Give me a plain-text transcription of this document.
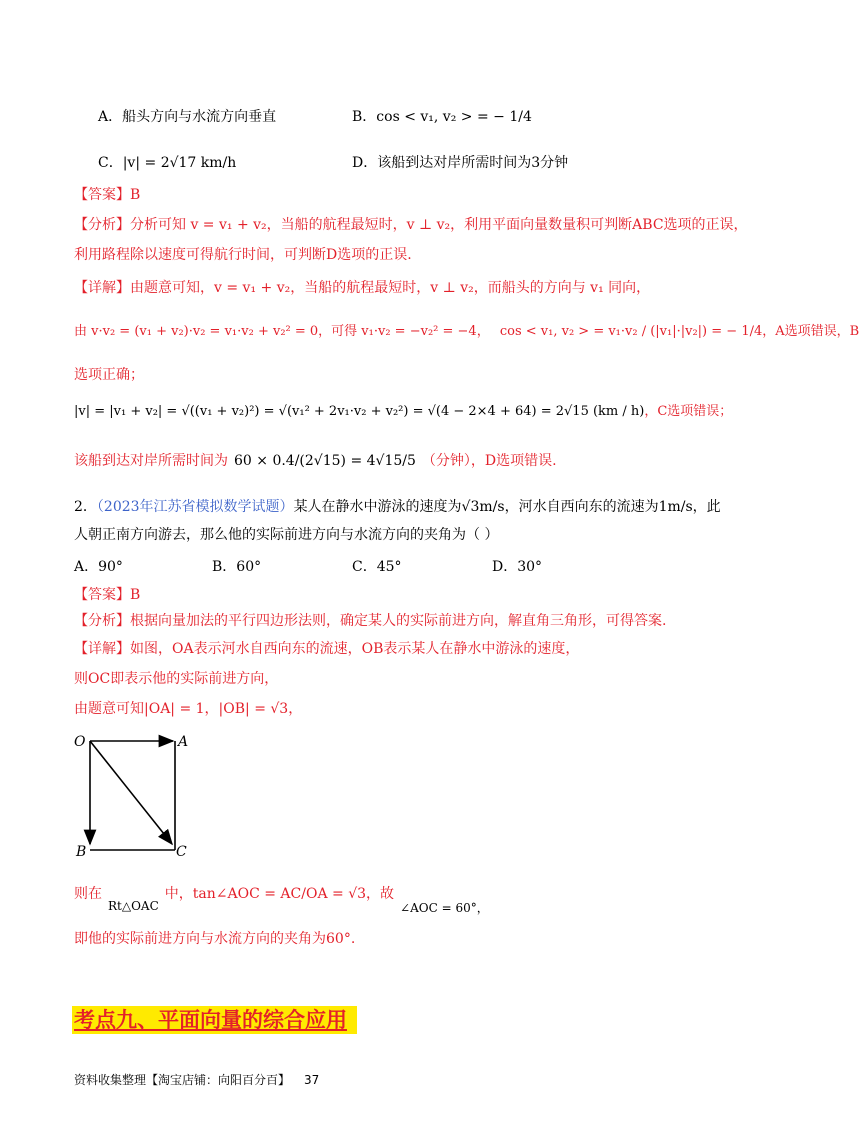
A．船头方向与水流方向垂直	B．cos < v₁, v₂ > = − 1/4
C．|v| = 2√17 km/h	D．该船到达对岸所需时间为3分钟
【答案】B
【分析】分析可知 v = v₁ + v₂，当船的航程最短时，v ⊥ v₂，利用平面向量数量积可判断ABC选项的正误，
利用路程除以速度可得航行时间，可判断D选项的正误.
【详解】由题意可知，v = v₁ + v₂，当船的航程最短时，v ⊥ v₂，而船头的方向与 v₁ 同向，
由 v·v₂ = (v₁ + v₂)·v₂ = v₁·v₂ + v₂² = 0，可得 v₁·v₂ = −v₂² = −4， cos < v₁, v₂ > = v₁·v₂ / (|v₁|·|v₂|) = − 1/4，A选项错误，B
选项正确；
|v| = |v₁ + v₂| = √((v₁ + v₂)²) = √(v₁² + 2v₁·v₂ + v₂²) = √(4 − 2×4 + 64) = 2√15 (km / h)，C选项错误；
该船到达对岸所需时间为 60 × 0.4/(2√15) = 4√15/5 （分钟），D选项错误.
2．（2023年江苏省模拟数学试题）某人在静水中游泳的速度为√3m/s，河水自西向东的流速为1m/s，此
人朝正南方向游去，那么他的实际前进方向与水流方向的夹角为（ ）
A．90°	B．60°	C．45°	D．30°
【答案】B
【分析】根据向量加法的平行四边形法则，确定某人的实际前进方向，解直角三角形，可得答案.
【详解】如图，OA表示河水自西向东的流速，OB表示某人在静水中游泳的速度，
则OC即表示他的实际前进方向，
由题意可知|OA| = 1，|OB| = √3，
O	A
B	C
则在Rt△OAC中，tan∠AOC = AC/OA = √3，故∠AOC = 60°，
即他的实际前进方向与水流方向的夹角为60°.
考点九、平面向量的综合应用
资料收集整理【淘宝店铺：向阳百分百】 37
